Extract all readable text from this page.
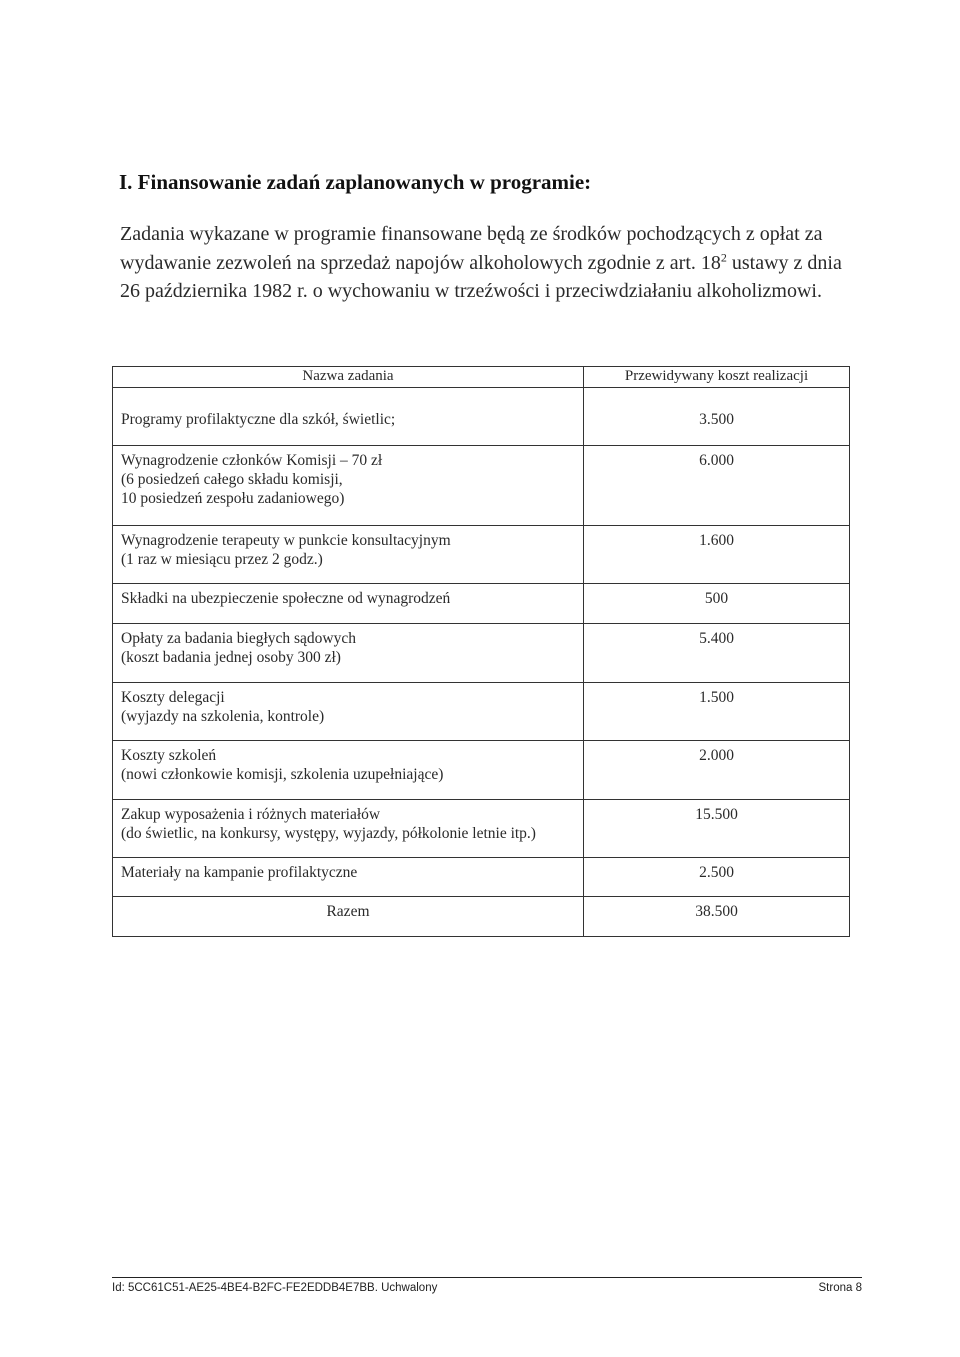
I. Finansowanie zadań zaplanowanych w programie:

Zadania wykazane w programie finansowane będą ze środków pochodzących z opłat za wydawanie zezwoleń na sprzedaż napojów alkoholowych zgodnie z art. $18^2$ ustawy z dnia 26 października 1982 r. o wychowaniu w trzeźwości i przeciwdziałaniu alkoholizmowi.

Nazwa zadania	Przewidywany koszt realizacji

Programy profilaktyczne dla szkół, świetlic;	3.500

Wynagrodzenie członków Komisji – 70 zł
(6 posiedzeń całego składu komisji,
10 posiedzeń zespołu zadaniowego)	6.000

Wynagrodzenie terapeuty w punkcie konsultacyjnym
(1 raz w miesiącu przez 2 godz.)	1.600

Składki na ubezpieczenie społeczne od wynagrodzeń	500

Opłaty za badania biegłych sądowych
(koszt badania jednej osoby 300 zł)	5.400

Koszty delegacji
(wyjazdy na szkolenia, kontrole)	1.500

Koszty szkoleń
(nowi członkowie komisji, szkolenia uzupełniające)	2.000

Zakup wyposażenia i różnych materiałów
(do świetlic, na konkursy, występy, wyjazdy, półkolonie letnie itp.)	15.500

Materiały na kampanie profilaktyczne	2.500
Razem	38.500
Id: 5CC61C51-AE25-4BE4-B2FC-FE2EDDB4E7BB. Uchwalony	Strona 8
